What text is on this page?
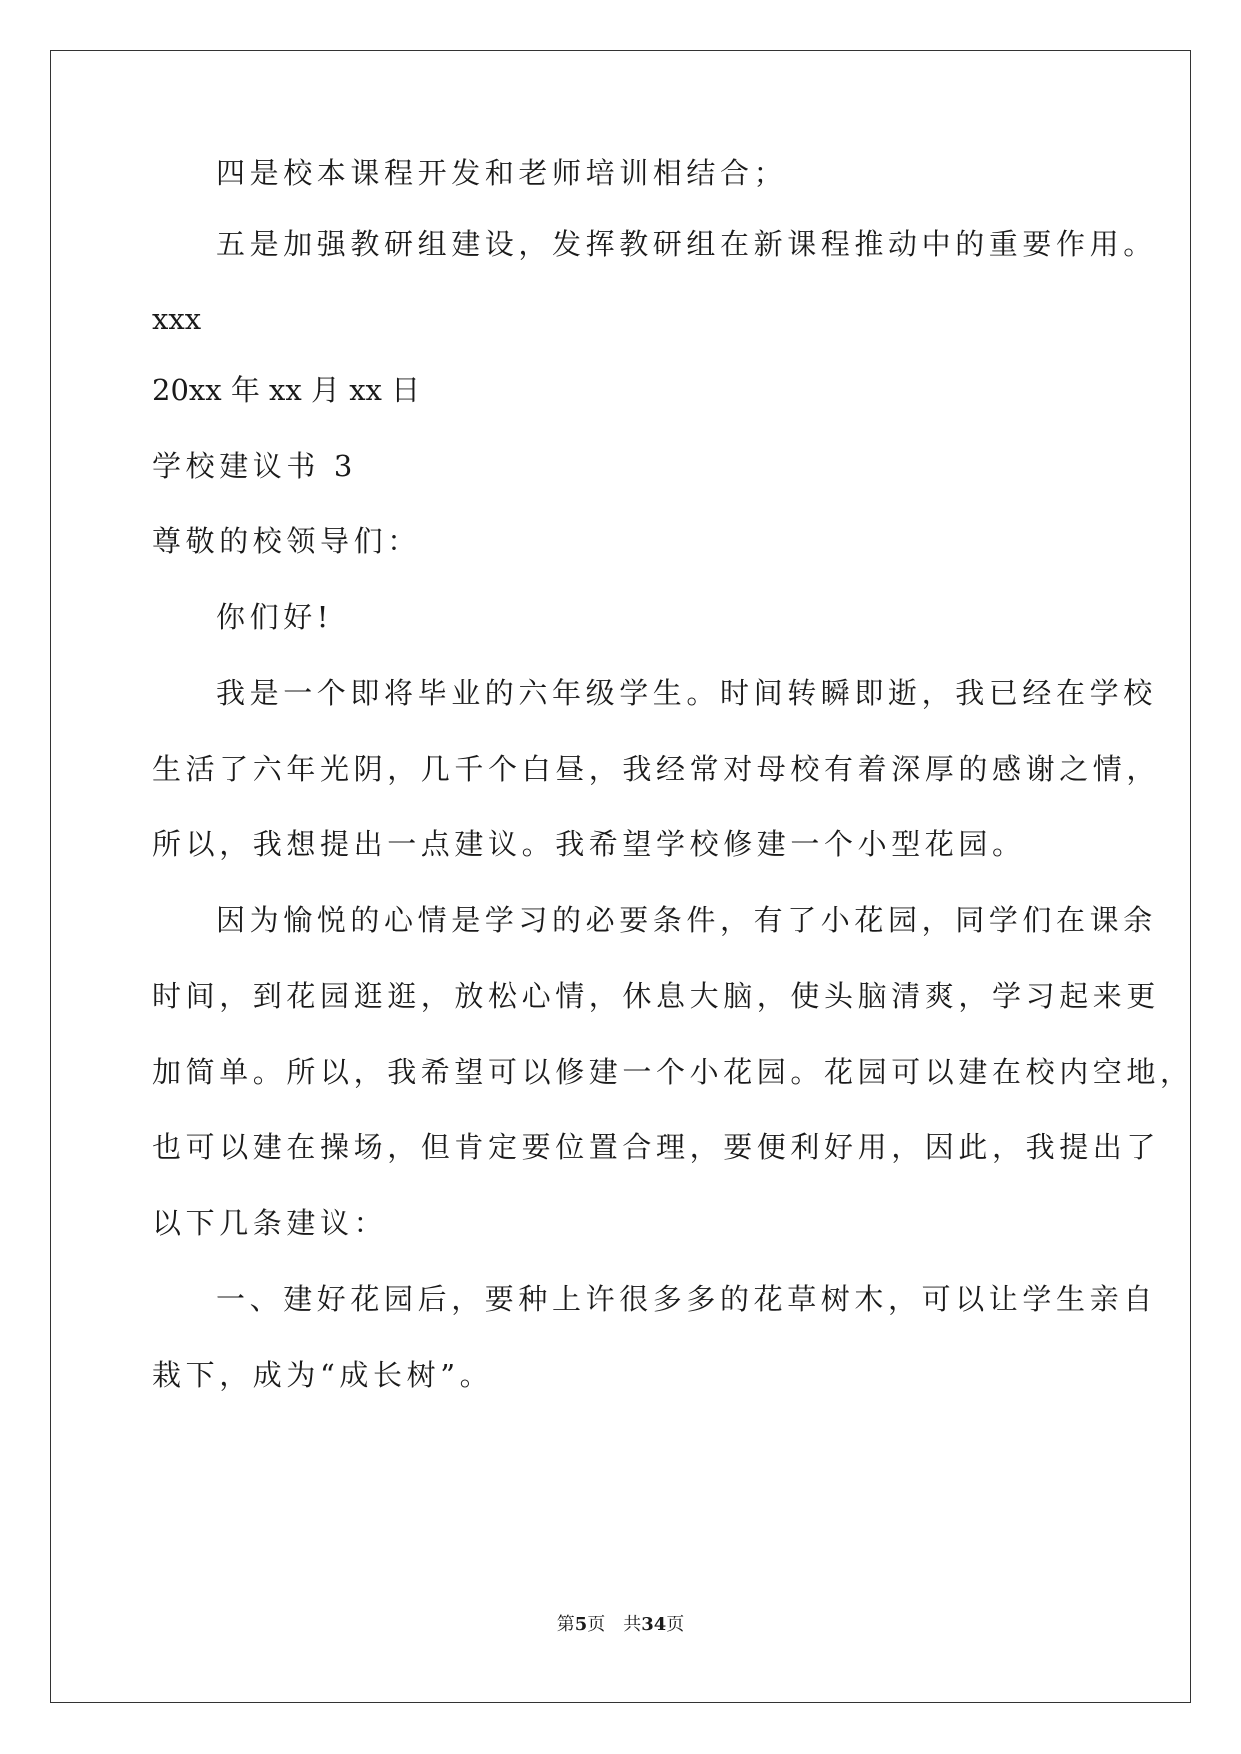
四是校本课程开发和老师培训相结合；
五是加强教研组建设，发挥教研组在新课程推动中的重要作用。
xxx
20xx 年 xx 月 xx 日
学校建议书 3
尊敬的校领导们：
你们好!
我是一个即将毕业的六年级学生。时间转瞬即逝，我已经在学校
生活了六年光阴，几千个白昼，我经常对母校有着深厚的感谢之情，
所以，我想提出一点建议。我希望学校修建一个小型花园。
因为愉悦的心情是学习的必要条件，有了小花园，同学们在课余
时间，到花园逛逛，放松心情，休息大脑，使头脑清爽，学习起来更
加简单。所以，我希望可以修建一个小花园。花园可以建在校内空地，
也可以建在操场，但肯定要位置合理，要便利好用，因此，我提出了
以下几条建议：
一、建好花园后，要种上许很多多的花草树木，可以让学生亲自
栽下，成为“成长树”。
第5页 共34页
